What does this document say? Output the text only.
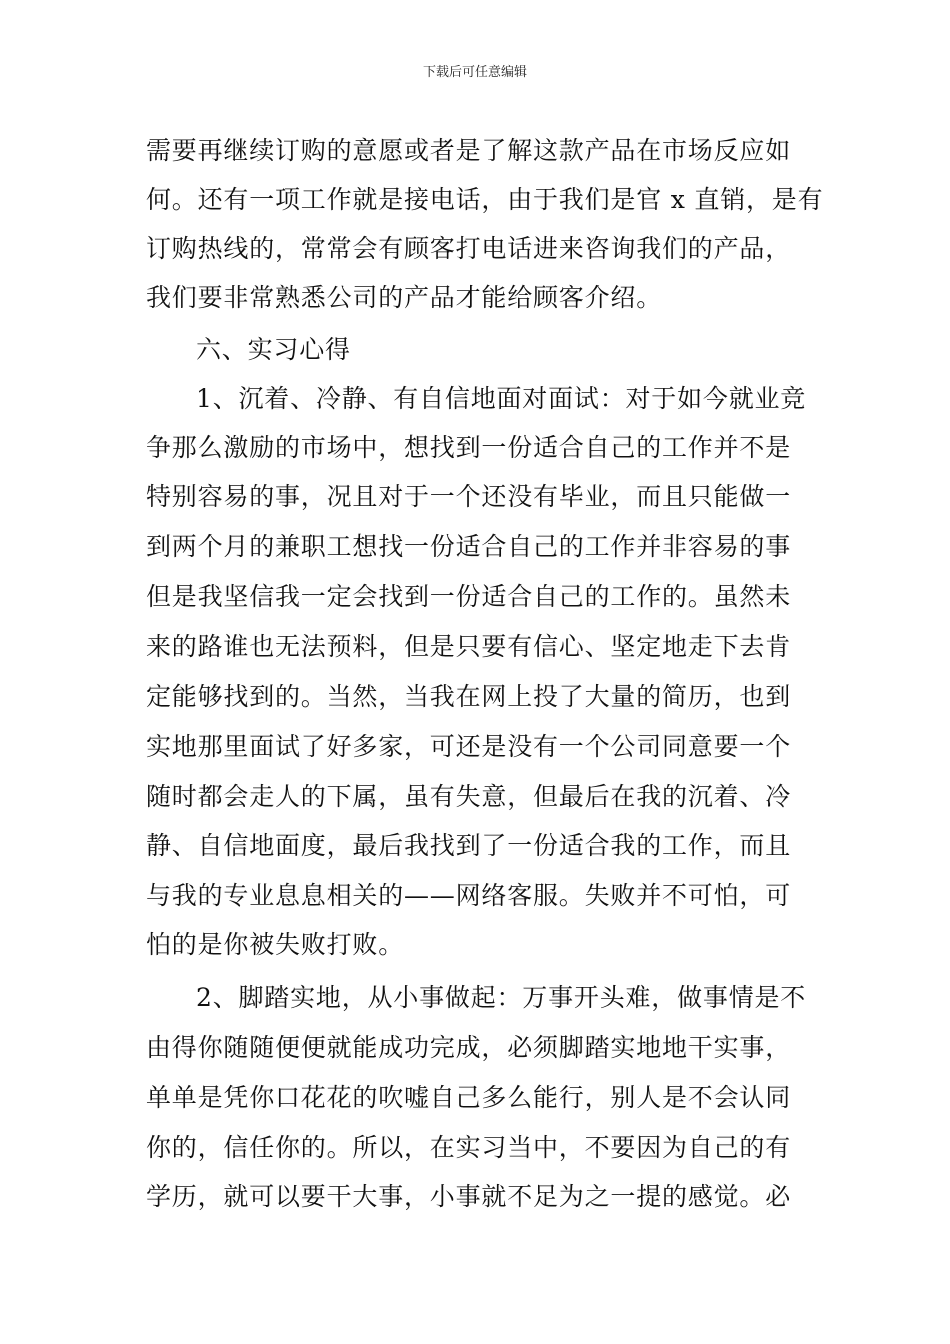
下载后可任意编辑
需要再继续订购的意愿或者是了解这款产品在市场反应如
何。还有一项工作就是接电话，由于我们是官 x 直销，是有
订购热线的，常常会有顾客打电话进来咨询我们的产品，
我们要非常熟悉公司的产品才能给顾客介绍。
六、实习心得
1、沉着、冷静、有自信地面对面试：对于如今就业竞
争那么激励的市场中，想找到一份适合自己的工作并不是
特别容易的事，况且对于一个还没有毕业，而且只能做一
到两个月的兼职工想找一份适合自己的工作并非容易的事
但是我坚信我一定会找到一份适合自己的工作的。虽然未
来的路谁也无法预料，但是只要有信心、坚定地走下去肯
定能够找到的。当然，当我在网上投了大量的简历，也到
实地那里面试了好多家，可还是没有一个公司同意要一个
随时都会走人的下属，虽有失意，但最后在我的沉着、冷
静、自信地面度，最后我找到了一份适合我的工作，而且
与我的专业息息相关的——网络客服。失败并不可怕，可
怕的是你被失败打败。
2、脚踏实地，从小事做起：万事开头难，做事情是不
由得你随随便便就能成功完成，必须脚踏实地地干实事，
单单是凭你口花花的吹嘘自己多么能行，别人是不会认同
你的，信任你的。所以，在实习当中，不要因为自己的有
学历，就可以要干大事，小事就不足为之一提的感觉。必
